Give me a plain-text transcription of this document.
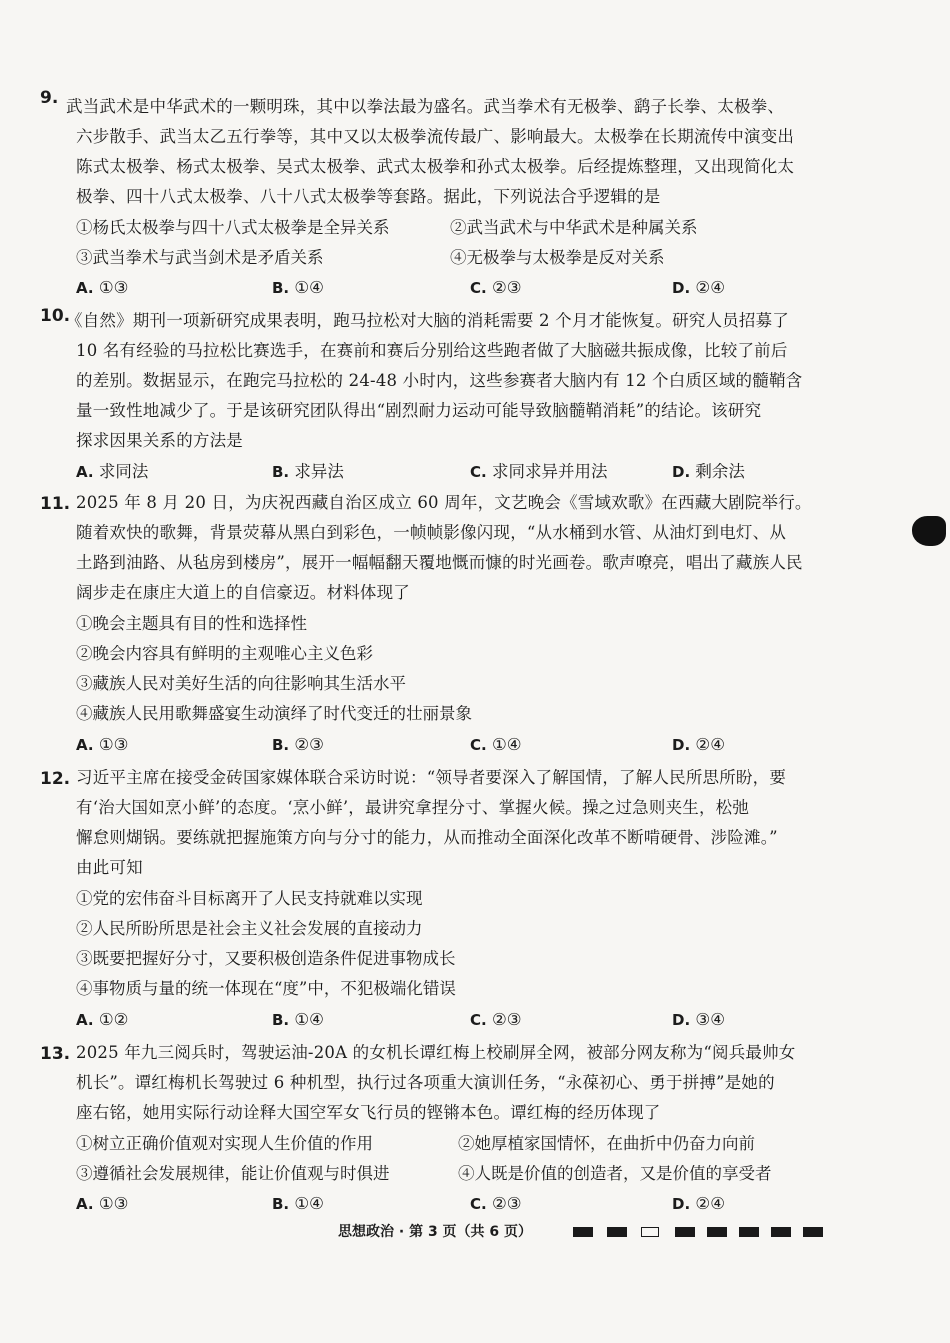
9. 武当武术是中华武术的一颗明珠，其中以拳法最为盛名。武当拳术有无极拳、鹞子长拳、太极拳、
六步散手、武当太乙五行拳等，其中又以太极拳流传最广、影响最大。太极拳在长期流传中演变出
陈式太极拳、杨式太极拳、吴式太极拳、武式太极拳和孙式太极拳。后经提炼整理，又出现简化太
极拳、四十八式太极拳、八十八式太极拳等套路。据此，下列说法合乎逻辑的是
①杨氏太极拳与四十八式太极拳是全异关系	②武当武术与中华武术是种属关系
③武当拳术与武当剑术是矛盾关系	④无极拳与太极拳是反对关系
A. ①③	B. ①④	C. ②③	D. ②④
10.
《自然》期刊一项新研究成果表明，跑马拉松对大脑的消耗需要 2 个月才能恢复。研究人员招募了
10 名有经验的马拉松比赛选手，在赛前和赛后分别给这些跑者做了大脑磁共振成像，比较了前后
的差别。数据显示，在跑完马拉松的 24-48 小时内，这些参赛者大脑内有 12 个白质区域的髓鞘含
量一致性地减少了。于是该研究团队得出“剧烈耐力运动可能导致脑髓鞘消耗”的结论。该研究
探求因果关系的方法是
A. 求同法	B. 求异法	C. 求同求异并用法	D. 剩余法
11. 2025 年 8 月 20 日，为庆祝西藏自治区成立 60 周年，文艺晚会《雪域欢歌》在西藏大剧院举行。
随着欢快的歌舞，背景荧幕从黑白到彩色，一帧帧影像闪现，“从水桶到水管、从油灯到电灯、从
土路到油路、从毡房到楼房”，展开一幅幅翻天覆地慨而慷的时光画卷。歌声嘹亮，唱出了藏族人民
阔步走在康庄大道上的自信豪迈。材料体现了
①晚会主题具有目的性和选择性
②晚会内容具有鲜明的主观唯心主义色彩
③藏族人民对美好生活的向往影响其生活水平
④藏族人民用歌舞盛宴生动演绎了时代变迁的壮丽景象
A. ①③	B. ②③	C. ①④	D. ②④
12. 习近平主席在接受金砖国家媒体联合采访时说：“领导者要深入了解国情，了解人民所思所盼，要
有‘治大国如烹小鲜’的态度。‘烹小鲜’，最讲究拿捏分寸、掌握火候。操之过急则夹生，松弛
懈怠则煳锅。要练就把握施策方向与分寸的能力，从而推动全面深化改革不断啃硬骨、涉险滩。”
由此可知
①党的宏伟奋斗目标离开了人民支持就难以实现
②人民所盼所思是社会主义社会发展的直接动力
③既要把握好分寸，又要积极创造条件促进事物成长
④事物质与量的统一体现在“度”中，不犯极端化错误
A. ①②	B. ①④	C. ②③	D. ③④
13. 2025 年九三阅兵时，驾驶运油-20A 的女机长谭红梅上校刷屏全网，被部分网友称为“阅兵最帅女
机长”。谭红梅机长驾驶过 6 种机型，执行过各项重大演训任务，“永葆初心、勇于拼搏”是她的
座右铭，她用实际行动诠释大国空军女飞行员的铿锵本色。谭红梅的经历体现了
①树立正确价值观对实现人生价值的作用	②她厚植家国情怀，在曲折中仍奋力向前
③遵循社会发展规律，能让价值观与时俱进	④人既是价值的创造者，又是价值的享受者
A. ①③	B. ①④	C. ②③	D. ②④
思想政治 · 第 3 页（共 6 页）
